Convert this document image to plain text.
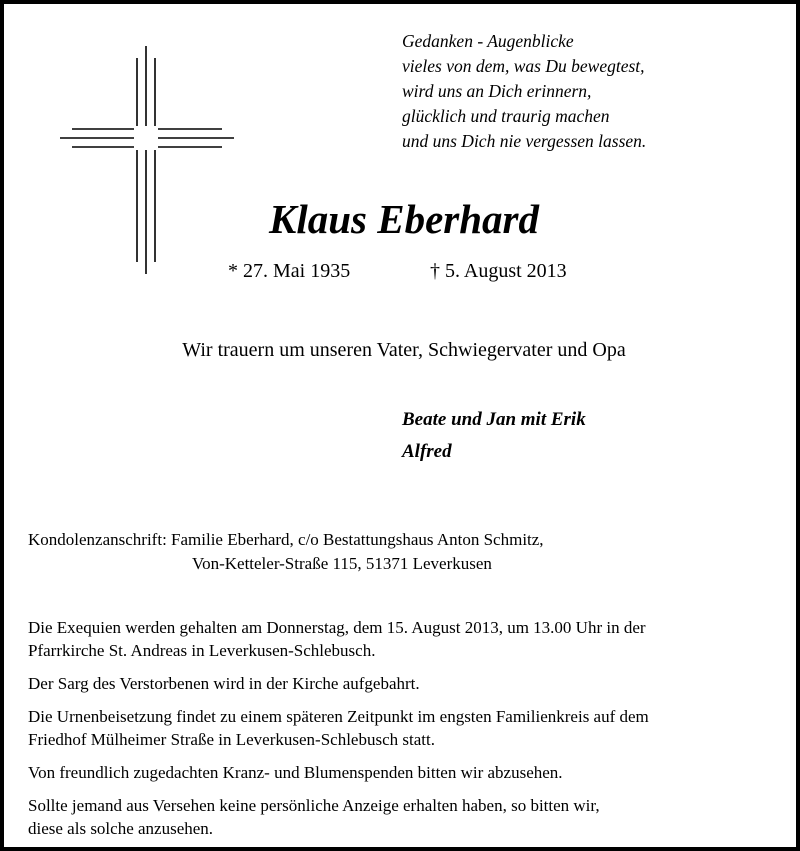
Gedanken - Augenblicke
vieles von dem, was Du bewegtest,
wird uns an Dich erinnern,
glücklich und traurig machen
und uns Dich nie vergessen lassen.
Klaus Eberhard
* 27. Mai 1935	† 5. August 2013
Wir trauern um unseren Vater, Schwiegervater und Opa
Beate und Jan mit Erik
Alfred
Kondolenzanschrift: Familie Eberhard, c/o Bestattungshaus Anton Schmitz,
Von-Ketteler-Straße 115, 51371 Leverkusen

Die Exequien werden gehalten am Donnerstag, dem 15. August 2013, um 13.00 Uhr in der
Pfarrkirche St. Andreas in Leverkusen-Schlebusch.

Der Sarg des Verstorbenen wird in der Kirche aufgebahrt.

Die Urnenbeisetzung findet zu einem späteren Zeitpunkt im engsten Familienkreis auf dem
Friedhof Mülheimer Straße in Leverkusen-Schlebusch statt.

Von freundlich zugedachten Kranz- und Blumenspenden bitten wir abzusehen.

Sollte jemand aus Versehen keine persönliche Anzeige erhalten haben, so bitten wir,
diese als solche anzusehen.
